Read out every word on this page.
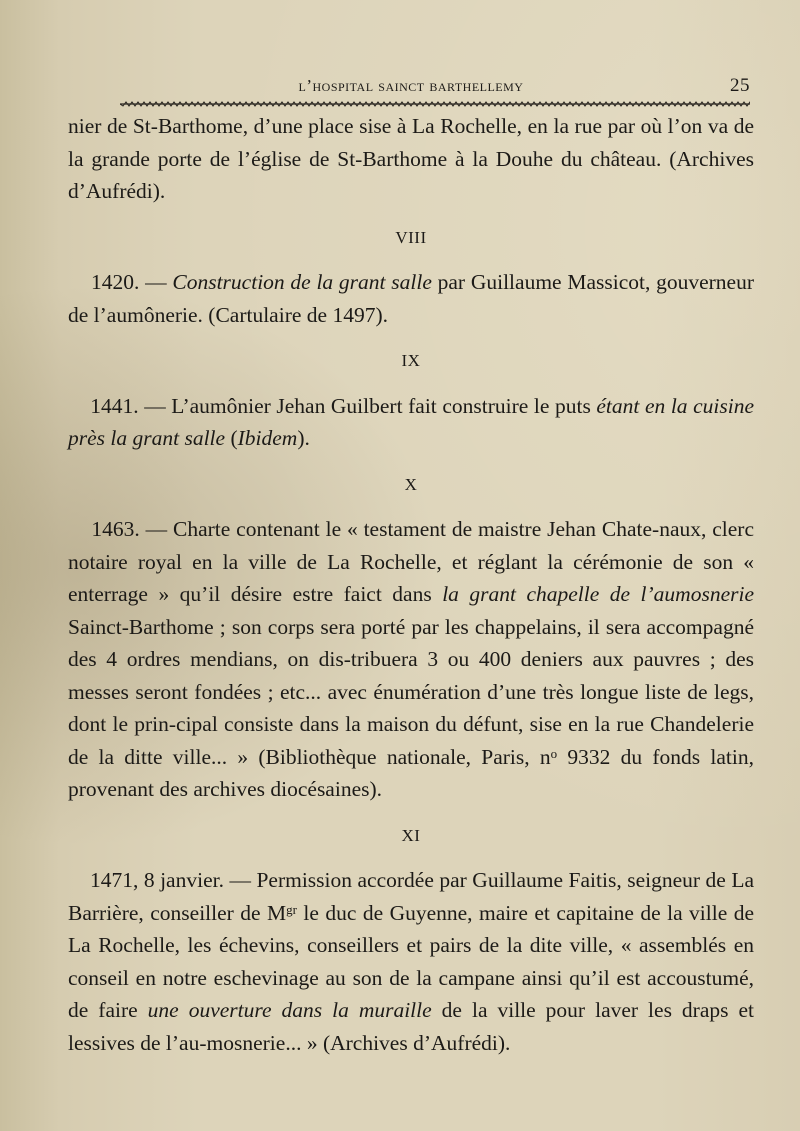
l’hospital sainct barthellemy	25

nier de St-Barthome, d’une place sise à La Rochelle, en la rue par où l’on va de la grande porte de l’église de St-Barthome à la Douhe du château. (Archives d’Aufrédi).

VIII

1420. — Construction de la grant salle par Guillaume Massicot, gouverneur de l’aumônerie. (Cartulaire de 1497).

IX

1441. — L’aumônier Jehan Guilbert fait construire le puts étant en la cuisine près la grant salle (Ibidem).

X

1463. — Charte contenant le « testament de maistre Jehan Chate-naux, clerc notaire royal en la ville de La Rochelle, et réglant la cérémonie de son « enterrage » qu’il désire estre faict dans la grant chapelle de l’aumosnerie Sainct-Barthome ; son corps sera porté par les chappelains, il sera accompagné des 4 ordres mendians, on dis-tribuera 3 ou 400 deniers aux pauvres ; des messes seront fondées ; etc... avec énumération d’une très longue liste de legs, dont le prin-cipal consiste dans la maison du défunt, sise en la rue Chandelerie de la ditte ville... » (Bibliothèque nationale, Paris, $n^o$ 9332 du fonds latin, provenant des archives diocésaines).

XI

1471, 8 janvier. — Permission accordée par Guillaume Faitis, seigneur de La Barrière, conseiller de $M^{gr}$ le duc de Guyenne, maire et capitaine de la ville de La Rochelle, les échevins, conseillers et pairs de la dite ville, « assemblés en conseil en notre eschevinage au son de la campane ainsi qu’il est accoustumé, de faire une ouverture dans la muraille de la ville pour laver les draps et lessives de l’au-mosnerie... » (Archives d’Aufrédi).
